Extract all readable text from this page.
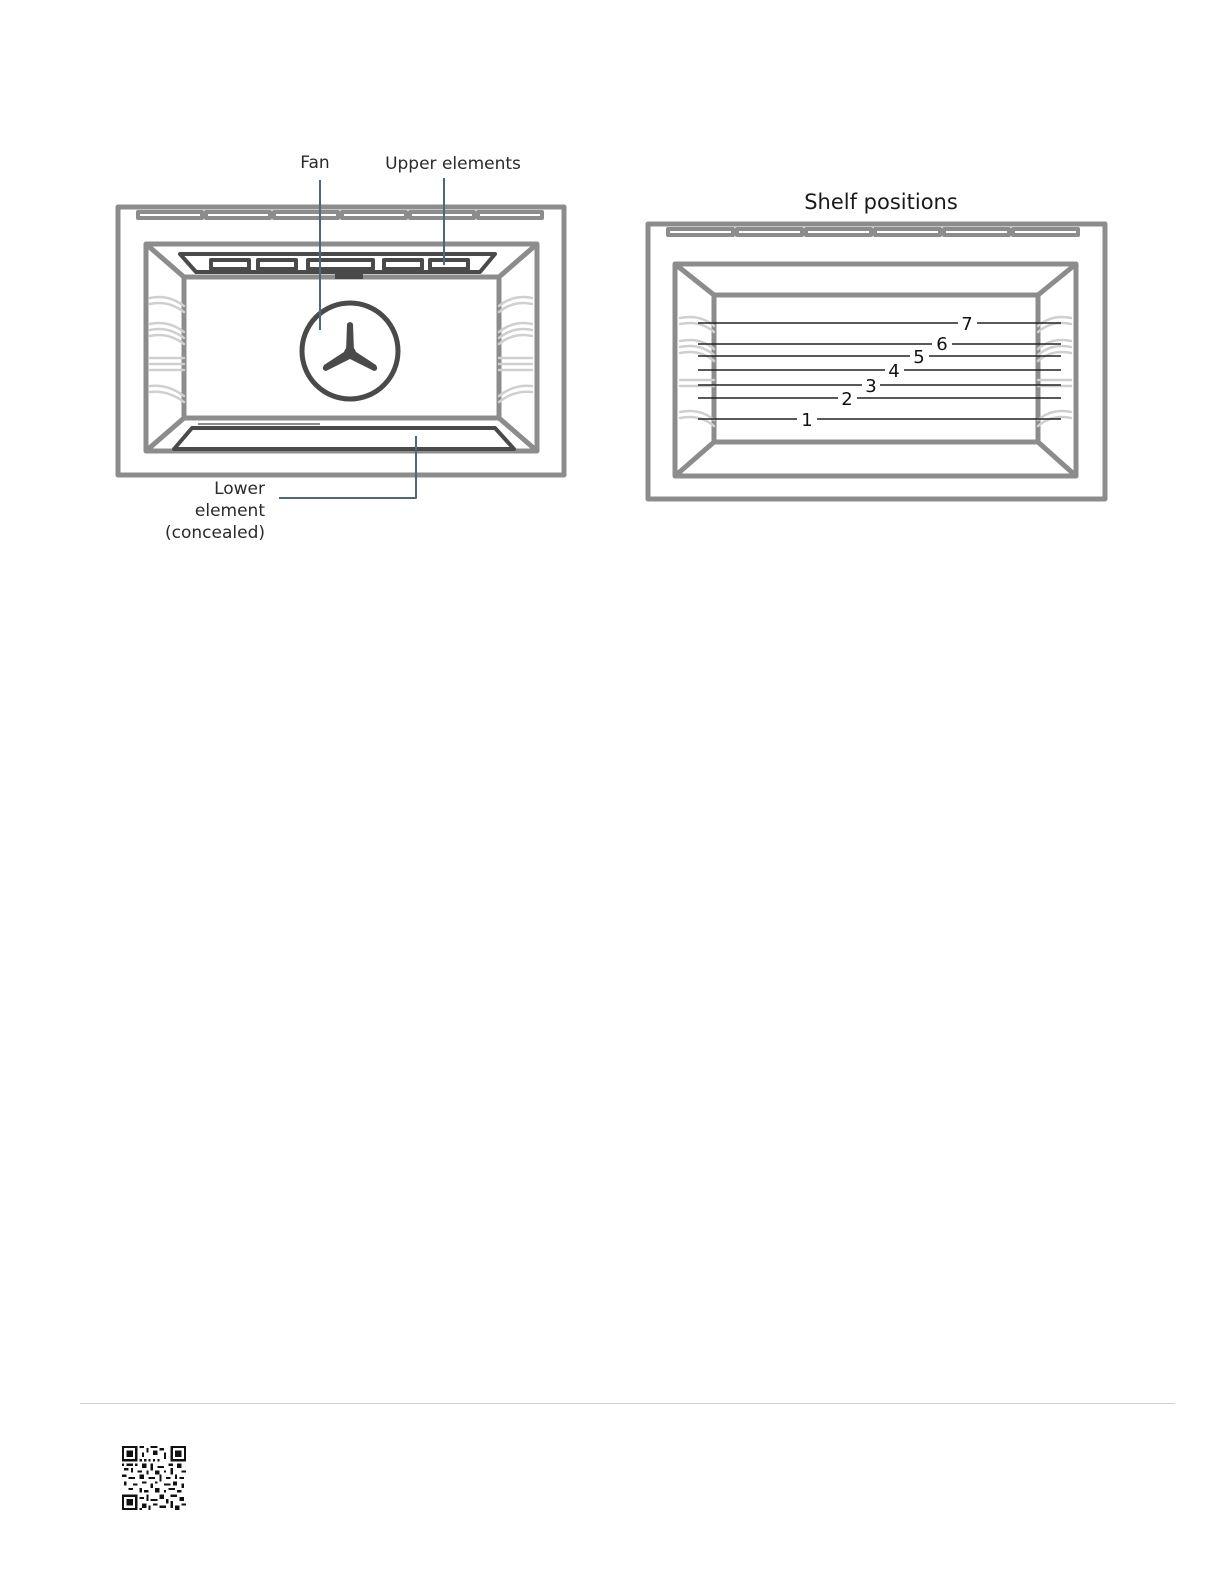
Fan	Upper elements
Lower
element
(concealed)
Shelf positions
7
6
5
4
3
2
1
